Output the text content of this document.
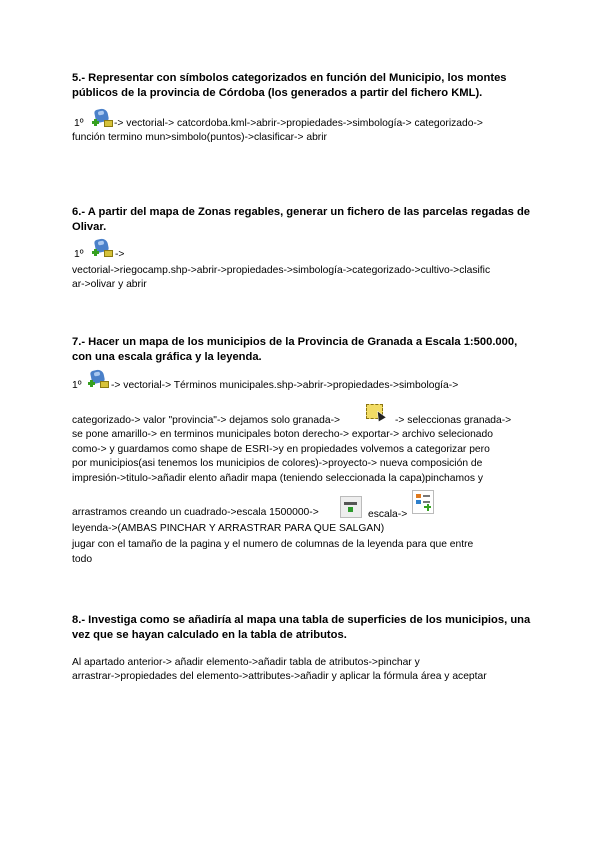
5.- Representar con símbolos categorizados en función del Municipio, los montes
públicos de la provincia de Córdoba (los generados a partir del fichero KML).
1º	-> vectorial-> catcordoba.kml->abrir->propiedades->simbología-> categorizado->
función termino mun>simbolo(puntos)->clasificar-> abrir
6.- A partir del mapa de Zonas regables, generar un fichero de las parcelas regadas de
Olivar.
1º	->
vectorial->riegocamp.shp->abrir->propiedades->simbología->categorizado->cultivo->clasific
ar->olivar y abrir
7.- Hacer un mapa de los municipios de la Provincia de Granada a Escala 1:500.000,
con una escala gráfica y la leyenda.
1º	-> vectorial-> Términos municipales.shp->abrir->propiedades->simbología->
categorizado-> valor "provincia"-> dejamos solo granada->	-> seleccionas granada->
se pone amarillo-> en terminos municipales boton derecho-> exportar-> archivo selecionado
como-> y guardamos como shape de ESRI->y en propiedades volvemos a categorizar pero
por municipios(asi tenemos los municipios de colores)->proyecto-> nueva composición de
impresión->titulo->añadir elento añadir mapa (teniendo seleccionada la capa)pinchamos y
arrastramos creando un cuadrado->escala 1500000->	escala->
leyenda->(AMBAS PINCHAR Y ARRASTRAR PARA QUE SALGAN)
jugar con el tamaño de la pagina y el numero de columnas de la leyenda para que entre
todo
8.- Investiga como se añadiría al mapa una tabla de superficies de los municipios, una
vez que se hayan calculado en la tabla de atributos.
Al apartado anterior-> añadir elemento->añadir tabla de atributos->pinchar y
arrastrar->propiedades del elemento->attributes->añadir y aplicar la fórmula área y aceptar
